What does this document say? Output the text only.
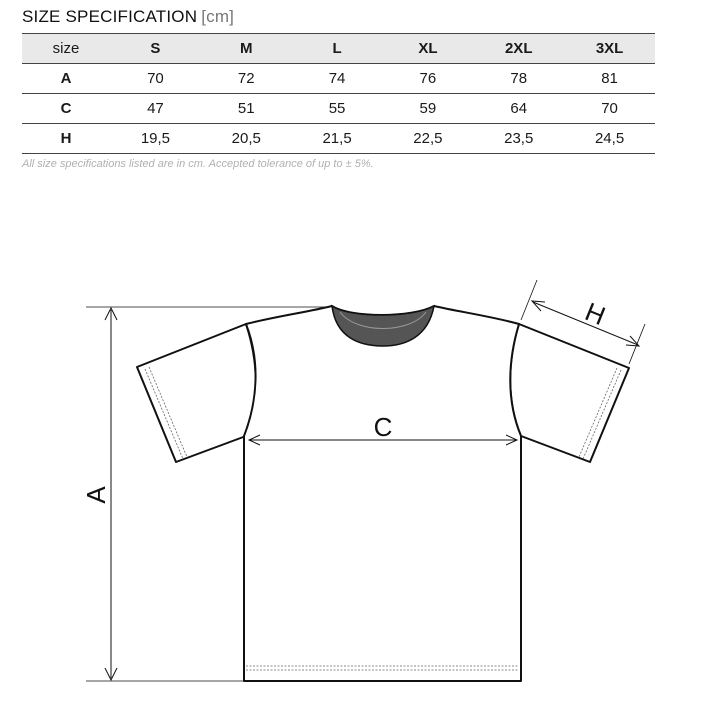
SIZE SPECIFICATION [cm]
size	S	M	L	XL	2XL	3XL
A	70	72	74	76	78	81
C	47	51	55	59	64	70
H	19,5	20,5	21,5	22,5	23,5	24,5
All size specifications listed are in cm. Accepted tolerance of up to ± 5%.
A
C
H
